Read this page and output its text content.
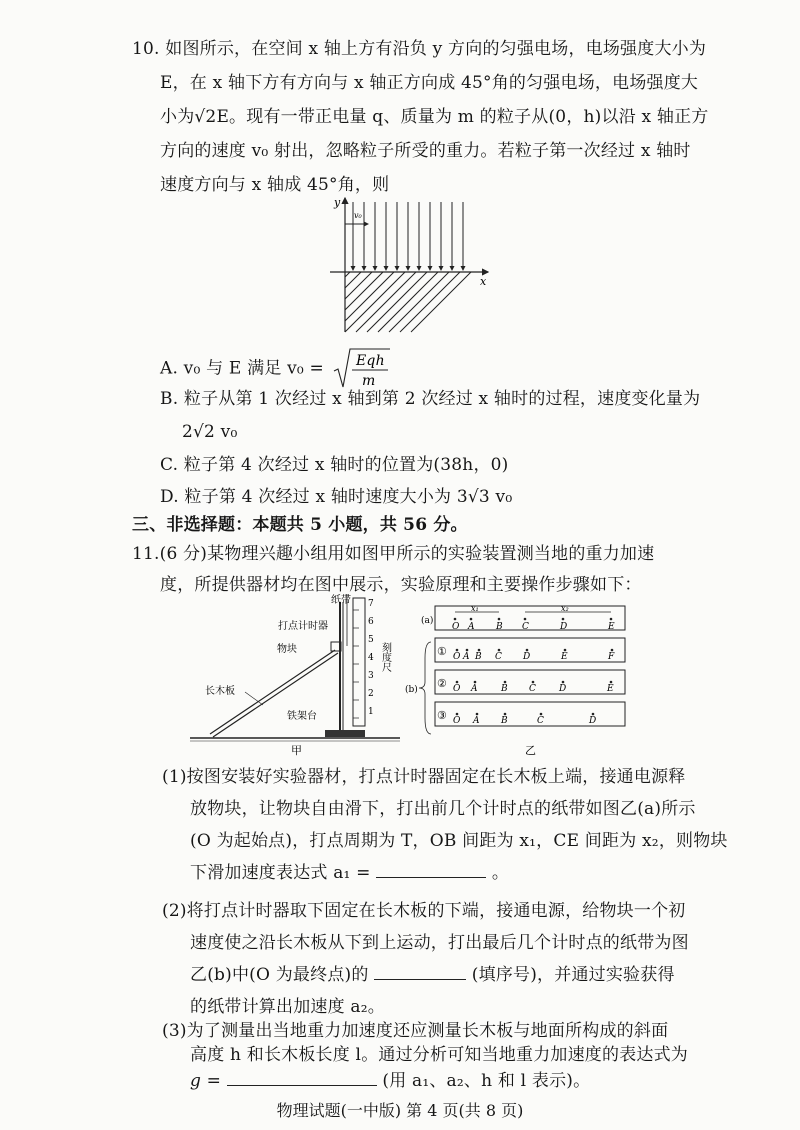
10. 如图所示，在空间 x 轴上方有沿负 y 方向的匀强电场，电场强度大小为
E，在 x 轴下方有方向与 x 轴正方向成 45°角的匀强电场，电场强度大
小为√2E。现有一带正电量 q、质量为 m 的粒子从(0，h)以沿 x 轴正方
方向的速度 v₀ 射出，忽略粒子所受的重力。若粒子第一次经过 x 轴时
速度方向与 x 轴成 45°角，则
y
x
v₀
A. v₀ 与 E 满足 v₀ = Eqh
m
B. 粒子从第 1 次经过 x 轴到第 2 次经过 x 轴时的过程，速度变化量为
2√2 v₀
C. 粒子第 4 次经过 x 轴时的位置为(38h，0)
D. 粒子第 4 次经过 x 轴时速度大小为 3√3 v₀
三、非选择题：本题共 5 小题，共 56 分。
11.(6 分)某物理兴趣小组用如图甲所示的实验装置测当地的重力加速
度，所提供器材均在图中展示，实验原理和主要操作步骤如下：
7
6
5
4
3
2
1
纸带
打点计时器
物块
长木板
铁架台
刻度尺
甲
(a)
x₁	x₂
O A B C	D	E
(b)
① O A B C D	E	F
② O A	B C	D	E
③ O A B	C	D
乙
(1)按图安装好实验器材，打点计时器固定在长木板上端，接通电源释
放物块，让物块自由滑下，打出前几个计时点的纸带如图乙(a)所示
(O 为起始点)，打点周期为 T，OB 间距为 x₁，CE 间距为 x₂，则物块
下滑加速度表达式 a₁ =	。
(2)将打点计时器取下固定在长木板的下端，接通电源，给物块一个初
速度使之沿长木板从下到上运动，打出最后几个计时点的纸带为图
乙(b)中(O 为最终点)的	(填序号)，并通过实验获得
的纸带计算出加速度 a₂。
(3)为了测量出当地重力加速度还应测量长木板与地面所构成的斜面
高度 h 和长木板长度 l。通过分析可知当地重力加速度的表达式为
物理试题(一中版) 第 4 页(共 8 页)
g =	(用 a₁、a₂、h 和 l 表示)。
